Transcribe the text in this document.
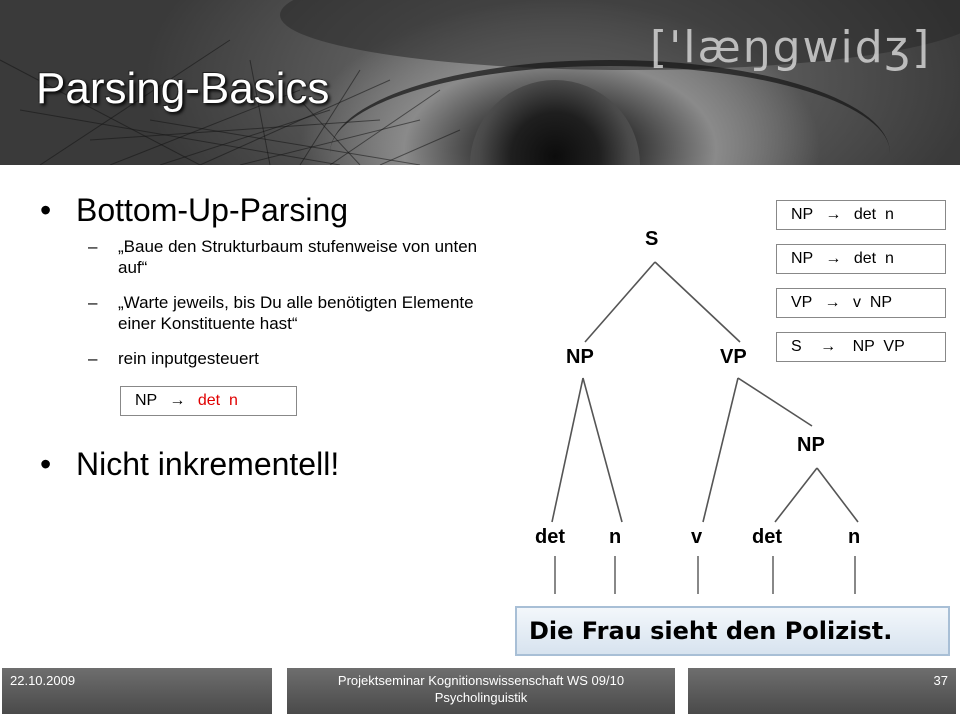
['læŋgwidʒ]
Parsing-Basics
• Bottom-Up-Parsing
– „Baue den Strukturbaum stufenweise von unten auf“
– „Warte jeweils, bis Du alle benötigten Elemente einer Konstituente hast“
– rein inputgesteuert
NP → det  n
• Nicht inkrementell!
NP → det  n
NP → det  n
VP → v  NP
S → NP  VP
S
NP	VP
NP
det n	v det	n
Die Frau sieht den Polizist.
22.10.2009	Projektseminar Kognitionswissenschaft WS 09/10
Psycholinguistik
37
